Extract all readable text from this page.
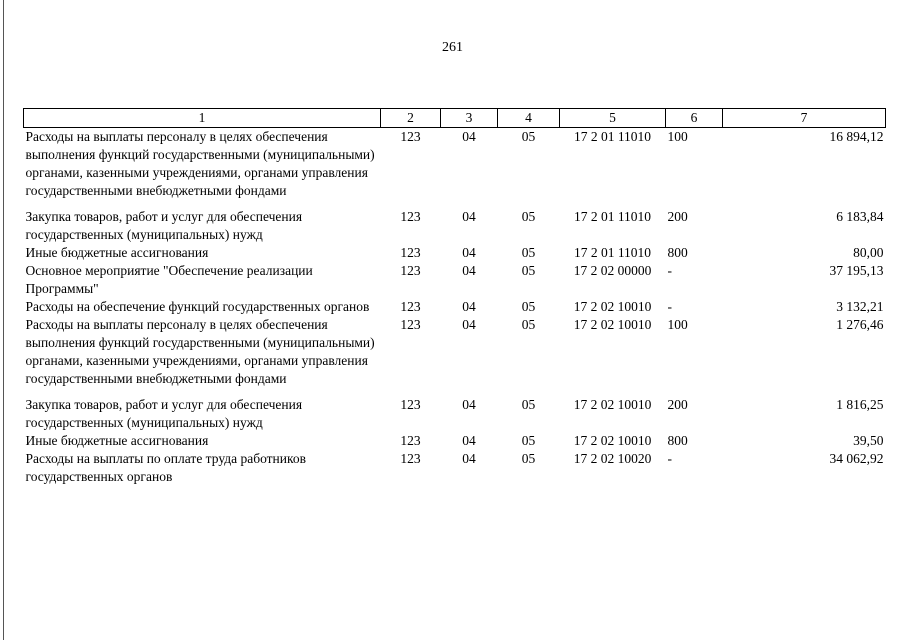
261
1	2	3	4	5	6	7
Расходы на выплаты персоналу в целях обеспечения выполнения функций государственными (муниципальными) органами, казенными учреждениями, органами управления государственными внебюджетными фондами	123	04	05	17 2 01 11010	100	16 894,12
Закупка товаров, работ и услуг для обеспечения государственных (муниципальных) нужд	123	04	05	17 2 01 11010	200	6 183,84
Иные бюджетные ассигнования	123	04	05	17 2 01 11010	800	80,00
Основное мероприятие "Обеспечение реализации Программы"	123	04	05	17 2 02 00000	-	37 195,13
Расходы на обеспечение функций государственных органов	123	04	05	17 2 02 10010	-	3 132,21
Расходы на выплаты персоналу в целях обеспечения выполнения функций государственными (муниципальными) органами, казенными учреждениями, органами управления государственными внебюджетными фондами	123	04	05	17 2 02 10010	100	1 276,46
Закупка товаров, работ и услуг для обеспечения государственных (муниципальных) нужд	123	04	05	17 2 02 10010	200	1 816,25
Иные бюджетные ассигнования	123	04	05	17 2 02 10010	800	39,50
Расходы на выплаты по оплате труда работников государственных органов	123	04	05	17 2 02 10020	-	34 062,92
